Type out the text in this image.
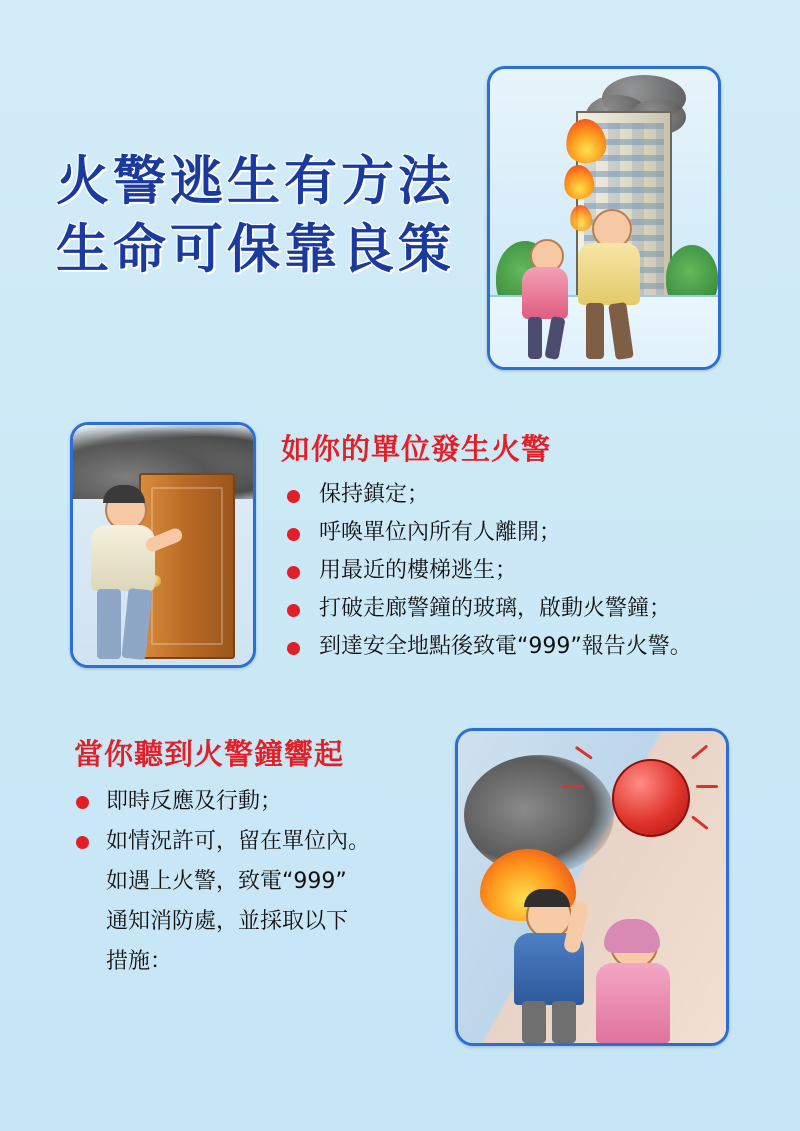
火警逃生有方法
生命可保靠良策
如你的單位發生火警
保持鎮定；
呼喚單位內所有人離開；
用最近的樓梯逃生；
打破走廊警鐘的玻璃，啟動火警鐘；
到達安全地點後致電“999”報告火警。
當你聽到火警鐘響起
即時反應及行動；
如情況許可，留在單位內。
如遇上火警，致電“999”
通知消防處，並採取以下
措施：
